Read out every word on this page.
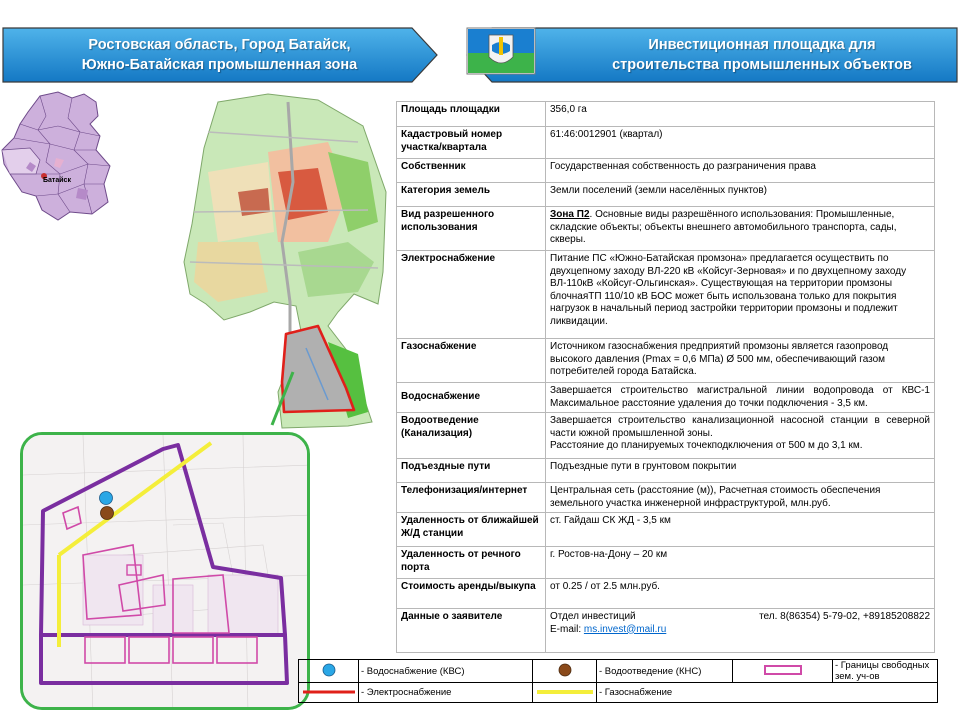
Ростовская область, Город Батайск,
Южно-Батайская промышленная зона
Инвестиционная площадка для
строительства промышленных объектов
Батайск
Площадь площадки	356,0 га
Кадастровый номер участка/квартала	61:46:0012901 (квартал)
Собственник	Государственная собственность до разграничения права
Категория земель	Земли поселений (земли населённых пунктов)
Вид разрешенного использования	Зона П2. Основные виды разрешённого использования: Промышленные, складские объекты; объекты внешнего автомобильного транспорта, сады, скверы.
Электроснабжение	Питание ПС «Южно-Батайская промзона» предлагается осуществить по двухцепному заходу ВЛ-220 кВ «Койсуг-Зерновая» и по двухцепному заходу ВЛ-110кВ «Койсуг-Ольгинская». Существующая на территории промзоны блочнаяТП 110/10 кВ БОС может быть использована только для покрытия нагрузок в начальный период застройки территории промзоны и подлежит ликвидации.
Газоснабжение	Источником газоснабжения предприятий промзоны является газопровод высокого давления (Pmax = 0,6 МПа) Ø 500 мм, обеспечивающий газом потребителей города Батайска.
Водоснабжение	Завершается строительство магистральной линии водопровода от КВС-1 Максимальное расстояние удаления до точки подключения - 3,5 км.
Водоотведение (Канализация)	Завершается строительство канализационной насосной станции в северной части южной промышленной зоны.
Расстояние до планируемых точекподключения от 500 м до 3,1 км.

Подъездные пути	Подъездные пути в грунтовом покрытии
Телефонизация/интернет	Центральная сеть (расстояние (м)), Расчетная стоимость обеспечения земельного участка инженерной инфраструктурой, млн.руб.
Удаленность от ближайшей Ж/Д станции	ст. Гайдаш СК ЖД - 3,5 км
Удаленность от речного порта	г. Ростов-на-Дону – 20 км
Стоимость аренды/выкупа	от 0.25 / от 2.5 млн.руб.
Данные о заявителе	Отдел инвестиций тел. 8(86354) 5-79-02, +89185208822
E-mail: ms.invest@mail.ru
	- Водоснабжение (КВС)		- Водоотведение (КНС)		- Границы свободных зем. уч-ов
	- Электроснабжение		- Газоснабжение		
